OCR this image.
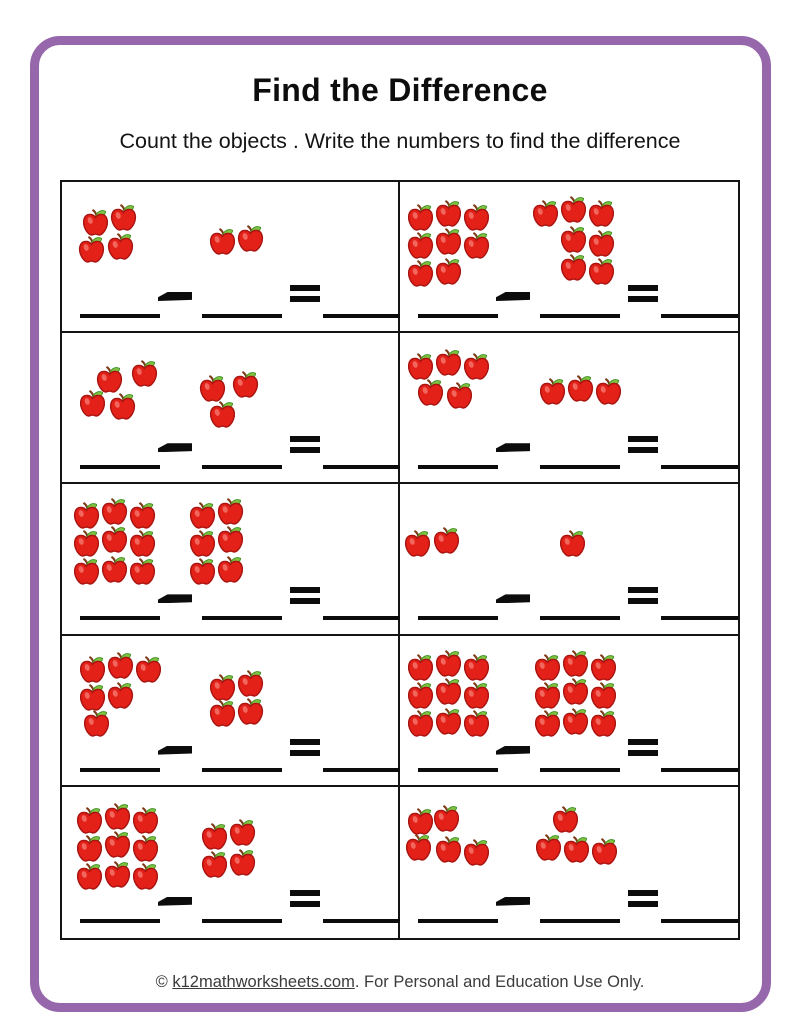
Find the Difference

Count the objects . Write the numbers to find the difference

© k12mathworksheets.com. For Personal and Education Use Only.
